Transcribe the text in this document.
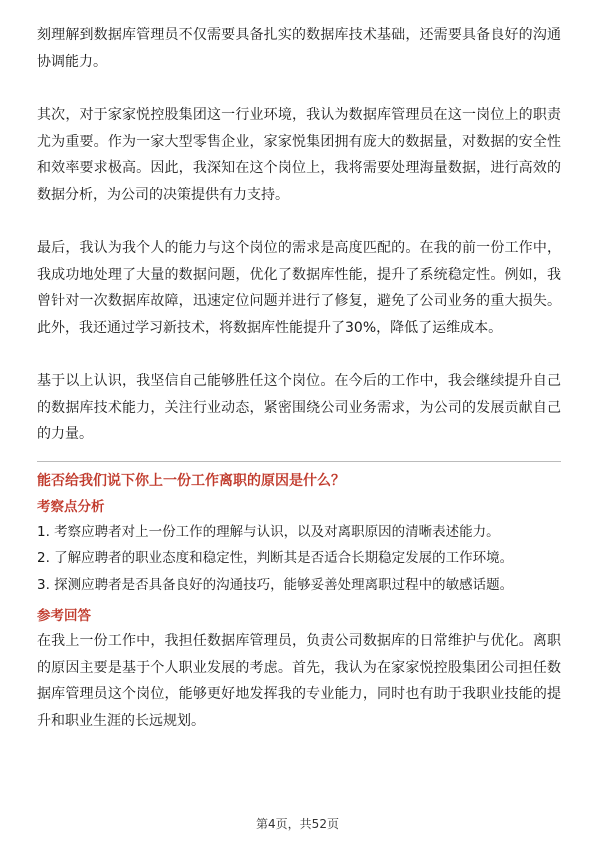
刻理解到数据库管理员不仅需要具备扎实的数据库技术基础，还需要具备良好的沟通协调能力。

其次，对于家家悦控股集团这一行业环境，我认为数据库管理员在这一岗位上的职责尤为重要。作为一家大型零售企业，家家悦集团拥有庞大的数据量，对数据的安全性和效率要求极高。因此，我深知在这个岗位上，我将需要处理海量数据，进行高效的数据分析，为公司的决策提供有力支持。

最后，我认为我个人的能力与这个岗位的需求是高度匹配的。在我的前一份工作中，我成功地处理了大量的数据问题，优化了数据库性能，提升了系统稳定性。例如，我曾针对一次数据库故障，迅速定位问题并进行了修复，避免了公司业务的重大损失。此外，我还通过学习新技术，将数据库性能提升了30%，降低了运维成本。

基于以上认识，我坚信自己能够胜任这个岗位。在今后的工作中，我会继续提升自己的数据库技术能力，关注行业动态，紧密围绕公司业务需求，为公司的发展贡献自己的力量。

能否给我们说下你上一份工作离职的原因是什么？

考察点分析

1. 考察应聘者对上一份工作的理解与认识，以及对离职原因的清晰表述能力。

2. 了解应聘者的职业态度和稳定性，判断其是否适合长期稳定发展的工作环境。

3. 探测应聘者是否具备良好的沟通技巧，能够妥善处理离职过程中的敏感话题。

参考回答

在我上一份工作中，我担任数据库管理员，负责公司数据库的日常维护与优化。离职的原因主要是基于个人职业发展的考虑。首先，我认为在家家悦控股集团公司担任数据库管理员这个岗位，能够更好地发挥我的专业能力，同时也有助于我职业技能的提升和职业生涯的长远规划。

第4页，共52页
